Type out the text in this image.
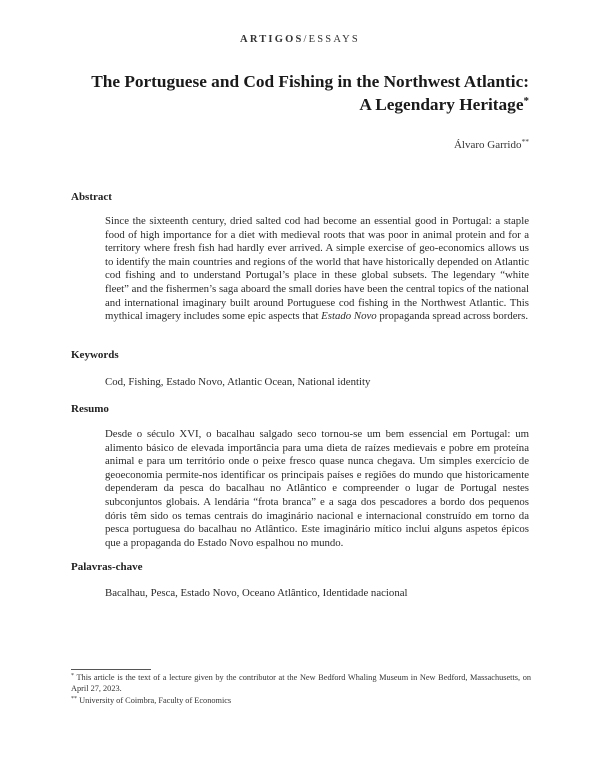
ARTIGOS/ESSAYS
The Portuguese and Cod Fishing in the Northwest Atlantic:
A Legendary Heritage*
Álvaro Garrido**
Abstract
Since the sixteenth century, dried salted cod had become an essential good in Portugal: a staple food of high importance for a diet with medieval roots that was poor in animal protein and for a territory where fresh fish had hardly ever arrived. A simple exercise of geo-economics allows us to identify the main countries and regions of the world that have historically depended on Atlantic cod fishing and to understand Portugal’s place in these global subsets. The legendary “white fleet” and the fishermen’s saga aboard the small dories have been the central topics of the national and international imaginary built around Portuguese cod fishing in the Northwest Atlantic. This mythical imagery includes some epic aspects that Estado Novo propaganda spread across borders.
Keywords
Cod, Fishing, Estado Novo, Atlantic Ocean, National identity
Resumo
Desde o século XVI, o bacalhau salgado seco tornou-se um bem essencial em Portugal: um alimento básico de elevada importância para uma dieta de raízes medievais e pobre em proteína animal e para um território onde o peixe fresco quase nunca chegava. Um simples exercício de geoeconomia permite-nos identificar os principais países e regiões do mundo que historicamente dependeram da pesca do bacalhau no Atlântico e compreender o lugar de Portugal nestes subconjuntos globais. A lendária “frota branca” e a saga dos pescadores a bordo dos pequenos dóris têm sido os temas centrais do imaginário nacional e internacional construído em torno da pesca portuguesa do bacalhau no Atlântico. Este imaginário mítico inclui alguns aspetos épicos que a propaganda do Estado Novo espalhou no mundo.
Palavras-chave
Bacalhau, Pesca, Estado Novo, Oceano Atlântico, Identidade nacional
* This article is the text of a lecture given by the contributor at the New Bedford Whaling Museum in New Bedford, Massachusetts, on April 27, 2023.
** University of Coimbra, Faculty of Economics
